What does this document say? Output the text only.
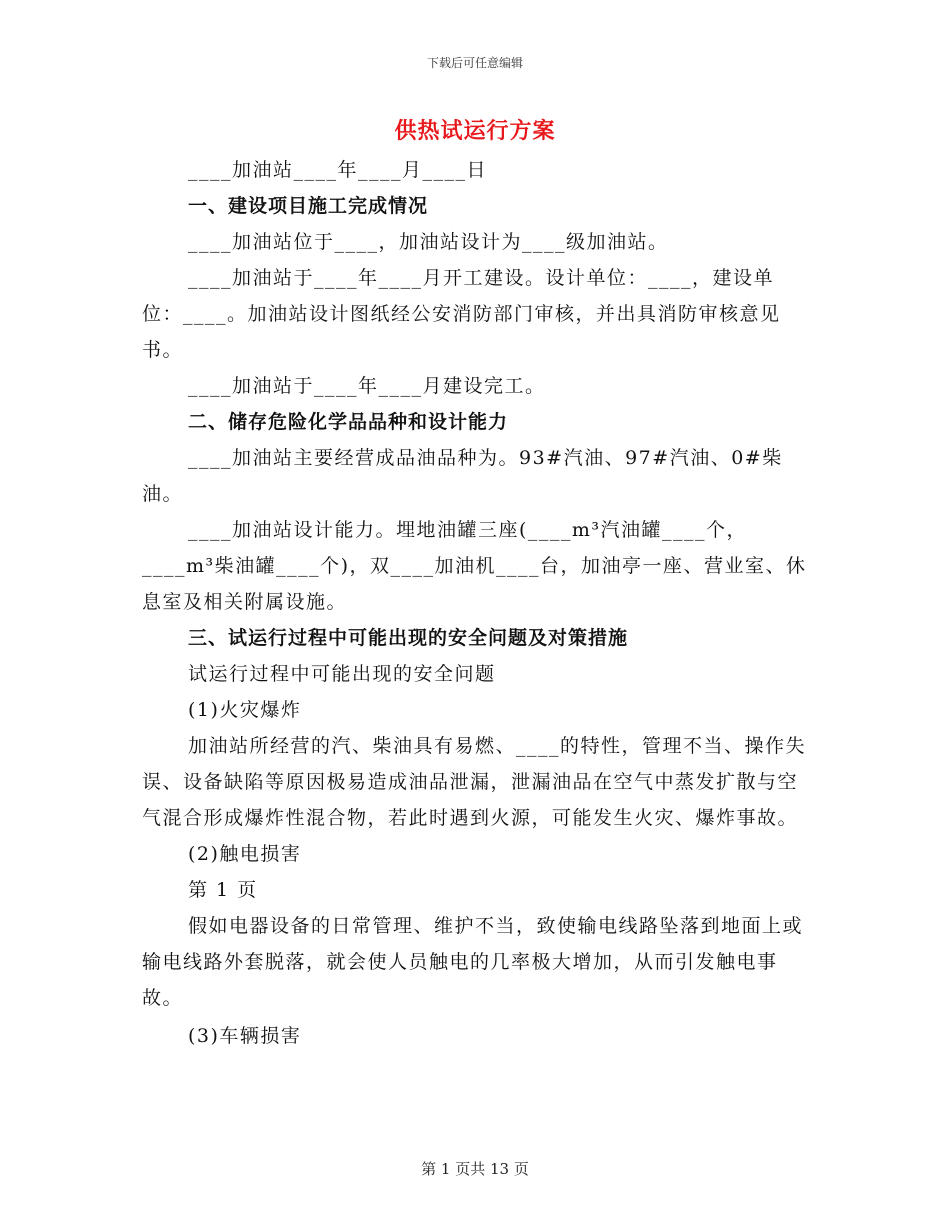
下载后可任意编辑
供热试运行方案

____加油站____年____月____日

一、建设项目施工完成情况

____加油站位于____，加油站设计为____级加油站。

____加油站于____年____月开工建设。设计单位：____，建设单位：____。加油站设计图纸经公安消防部门审核，并出具消防审核意见书。

____加油站于____年____月建设完工。

二、储存危险化学品品种和设计能力

____加油站主要经营成品油品种为。93#汽油、97#汽油、0#柴油。

____加油站设计能力。埋地油罐三座(____m³汽油罐____个，____m³柴油罐____个)，双____加油机____台，加油亭一座、营业室、休息室及相关附属设施。

三、试运行过程中可能出现的安全问题及对策措施

试运行过程中可能出现的安全问题

(1)火灾爆炸

加油站所经营的汽、柴油具有易燃、____的特性，管理不当、操作失误、设备缺陷等原因极易造成油品泄漏，泄漏油品在空气中蒸发扩散与空气混合形成爆炸性混合物，若此时遇到火源，可能发生火灾、爆炸事故。

(2)触电损害

第 1 页

假如电器设备的日常管理、维护不当，致使输电线路坠落到地面上或输电线路外套脱落，就会使人员触电的几率极大增加，从而引发触电事故。

(3)车辆损害

第 1 页共 13 页
